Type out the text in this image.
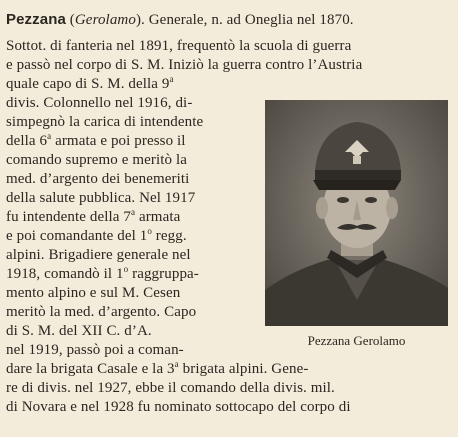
Pezzana (Gerolamo). Generale, n. ad Oneglia nel 1870.
Sottot. di fanteria nel 1891, frequentò la scuola di guerra
e passò nel corpo di S. M. Iniziò la guerra contro l’Austria
quale capo di S. M. della 9$^a$
divis. Colonnello nel 1916, di-
simpegnò la carica di intendente
della 6$^a$ armata e poi presso il
comando supremo e meritò la
med. d’argento dei benemeriti
della salute pubblica. Nel 1917
fu intendente della 7$^a$ armata
e poi comandante del 1$^o$ regg.
alpini. Brigadiere generale nel
1918, comandò il 1$^o$ raggruppa-
mento alpino e sul M. Cesen
meritò la med. d’argento. Capo
di S. M. del XII C. d’A.
nel 1919, passò poi a coman-
dare la brigata Casale e la 3$^a$ brigata alpini. Gene-
re di divis. nel 1927, ebbe il comando della divis. mil.
di Novara e nel 1928 fu nominato sottocapo del corpo di
Pezzana Gerolamo
